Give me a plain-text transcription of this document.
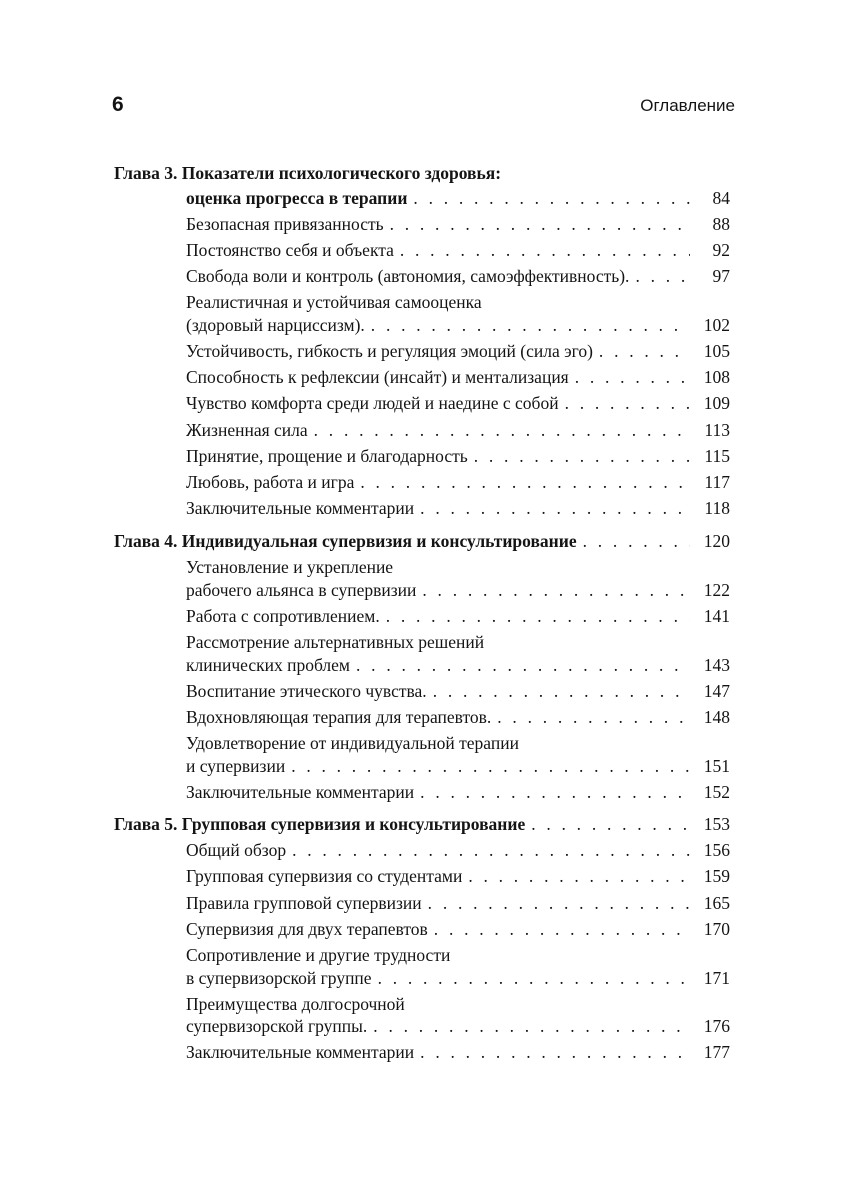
6	Оглавление
Глава 3. Показатели психологического здоровья:
оценка прогресса в терапии . . .	84
Безопасная привязанность . . .	88
Постоянство себя и объекта . . .	92
Свобода воли и контроль (автономия, самоэффективность). . . .	97
Реалистичная и устойчивая самооценка
(здоровый нарциссизм). . . .	102
Устойчивость, гибкость и регуляция эмоций (сила эго) . . .	105
Способность к рефлексии (инсайт) и ментализация . . .	108
Чувство комфорта среди людей и наедине с собой . . .	109
Жизненная сила . . .	113
Принятие, прощение и благодарность . . .	115
Любовь, работа и игра . . .	117
Заключительные комментарии . . .	118
Глава 4. Индивидуальная супервизия и консультирование . . .	120
Установление и укрепление
рабочего альянса в супервизии . . .	122
Работа с сопротивлением. . . .	141
Рассмотрение альтернативных решений
клинических проблем . . .	143
Воспитание этического чувства. . . .	147
Вдохновляющая терапия для терапевтов. . . .	148
Удовлетворение от индивидуальной терапии
и супервизии . . .	151
Заключительные комментарии . . .	152
Глава 5. Групповая супервизия и консультирование . . .	153
Общий обзор . . .	156
Групповая супервизия со студентами . . .	159
Правила групповой супервизии . . .	165
Супервизия для двух терапевтов . . .	170
Сопротивление и другие трудности
в супервизорской группе . . .	171
Преимущества долгосрочной
супервизорской группы. . . .	176
Заключительные комментарии . . .	177
